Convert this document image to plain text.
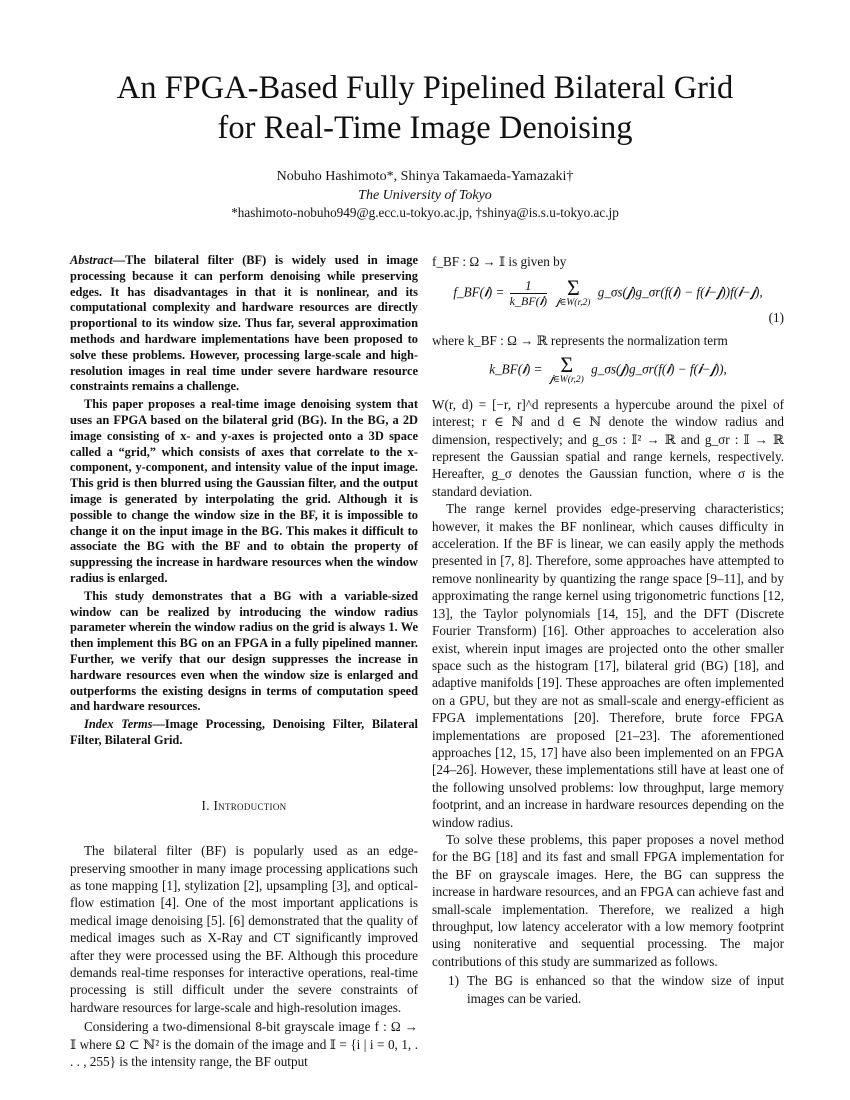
An FPGA-Based Fully Pipelined Bilateral Grid
for Real-Time Image Denoising
Nobuho Hashimoto*, Shinya Takamaeda-Yamazaki†
The University of Tokyo
*hashimoto-nobuho949@g.ecc.u-tokyo.ac.jp, †shinya@is.s.u-tokyo.ac.jp

Abstract—The bilateral filter (BF) is widely used in image processing because it can perform denoising while preserving edges. It has disadvantages in that it is nonlinear, and its computational complexity and hardware resources are directly proportional to its window size. Thus far, several approximation methods and hardware implementations have been proposed to solve these problems. However, processing large-scale and high-resolution images in real time under severe hardware resource constraints remains a challenge.

This paper proposes a real-time image denoising system that uses an FPGA based on the bilateral grid (BG). In the BG, a 2D image consisting of x- and y-axes is projected onto a 3D space called a “grid,” which consists of axes that correlate to the x-component, y-component, and intensity value of the input image. This grid is then blurred using the Gaussian filter, and the output image is generated by interpolating the grid. Although it is possible to change the window size in the BF, it is impossible to change it on the input image in the BG. This makes it difficult to associate the BG with the BF and to obtain the property of suppressing the increase in hardware resources when the window radius is enlarged.

This study demonstrates that a BG with a variable-sized window can be realized by introducing the window radius parameter wherein the window radius on the grid is always 1. We then implement this BG on an FPGA in a fully pipelined manner. Further, we verify that our design suppresses the increase in hardware resources even when the window size is enlarged and outperforms the existing designs in terms of computation speed and hardware resources.

Index Terms—Image Processing, Denoising Filter, Bilateral Filter, Bilateral Grid.

I. Introduction

The bilateral filter (BF) is popularly used as an edge-preserving smoother in many image processing applications such as tone mapping [1], stylization [2], upsampling [3], and optical-flow estimation [4]. One of the most important applications is medical image denoising [5]. [6] demonstrated that the quality of medical images such as X-Ray and CT significantly improved after they were processed using the BF. Although this procedure demands real-time responses for interactive operations, real-time processing is still difficult under the severe constraints of hardware resources for large-scale and high-resolution images.

Considering a two-dimensional 8-bit grayscale image f : Ω → 𝕀 where Ω ⊂ ℕ² is the domain of the image and 𝕀 = {i | i = 0, 1, . . . , 255} is the intensity range, the BF output

f_BF : Ω → 𝕀 is given by

f_BF(𝒊) = $\frac{1}{\text{k\_BF(𝒊)}}$
Σ
𝒋∈W(r,2)
g_σs(𝒋)g_σr(f(𝒊) − f(𝒊−𝒋))f(𝒊−𝒋),
(1)

where k_BF : Ω → ℝ represents the normalization term

k_BF(𝒊) = Σ
𝒋∈W(r,2)
g_σs(𝒋)g_σr(f(𝒊) − f(𝒊−𝒋)),

W(r, d) = [−r, r]^d represents a hypercube around the pixel of interest; r ∈ ℕ and d ∈ ℕ denote the window radius and dimension, respectively; and g_σs : 𝕀² → ℝ and g_σr : 𝕀 → ℝ represent the Gaussian spatial and range kernels, respectively. Hereafter, g_σ denotes the Gaussian function, where σ is the standard deviation.

The range kernel provides edge-preserving characteristics; however, it makes the BF nonlinear, which causes difficulty in acceleration. If the BF is linear, we can easily apply the methods presented in [7, 8]. Therefore, some approaches have attempted to remove nonlinearity by quantizing the range space [9–11], and by approximating the range kernel using trigonometric functions [12, 13], the Taylor polynomials [14, 15], and the DFT (Discrete Fourier Transform) [16]. Other approaches to acceleration also exist, wherein input images are projected onto the other smaller space such as the histogram [17], bilateral grid (BG) [18], and adaptive manifolds [19]. These approaches are often implemented on a GPU, but they are not as small-scale and energy-efficient as FPGA implementations [20]. Therefore, brute force FPGA implementations are proposed [21–23]. The aforementioned approaches [12, 15, 17] have also been implemented on an FPGA [24–26]. However, these implementations still have at least one of the following unsolved problems: low throughput, large memory footprint, and an increase in hardware resources depending on the window radius.

To solve these problems, this paper proposes a novel method for the BG [18] and its fast and small FPGA implementation for the BF on grayscale images. Here, the BG can suppress the increase in hardware resources, and an FPGA can achieve fast and small-scale implementation. Therefore, we realized a high throughput, low latency accelerator with a low memory footprint using noniterative and sequential processing. The major contributions of this study are summarized as follows.

1) The BG is enhanced so that the window size of input images can be varied.
